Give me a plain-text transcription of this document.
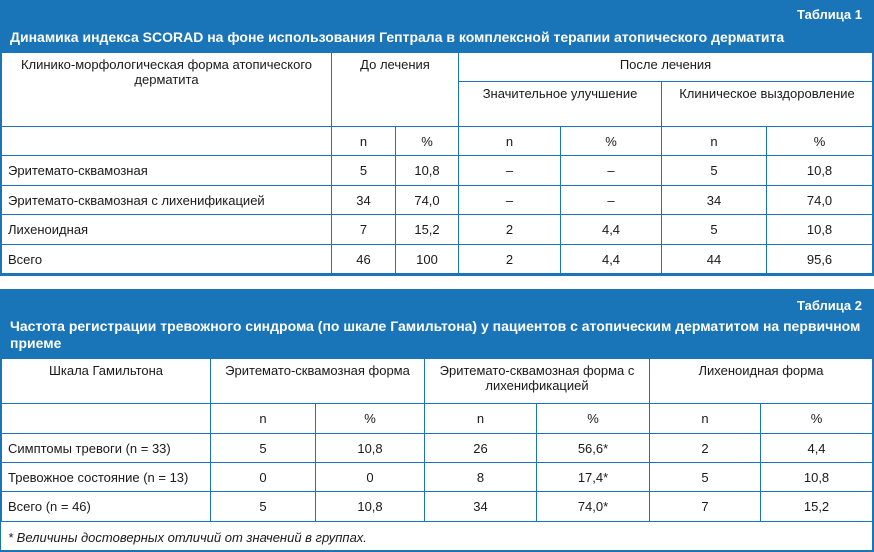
Таблица 1
Динамика индекса SCORAD на фоне использования Гептрала в комплексной терапии атопического дерматита
Клинико-морфологическая форма атопического дерматита	До лечения		После лечения			
			Значительное улучшение		Клиническое выздоровление	
	n	%	n	%	n	%
Эритемато-сквамозная	5	10,8	–	–	5	10,8
Эритемато-сквамозная с лихенификацией	34	74,0	–	–	34	74,0
Лихеноидная	7	15,2	2	4,4	5	10,8
Всего	46	100	2	4,4	44	95,6
Таблица 2
Частота регистрации тревожного синдрома (по шкале Гамильтона) у пациентов с атопическим дерматитом на первичном приеме
Шкала Гамильтона	Эритемато-сквамозная форма		Эритемато-сквамозная форма с лихенификацией		Лихеноидная форма	
	n	%	n	%	n	%
Симптомы тревоги (n = 33)	5	10,8	26	56,6*	2	4,4
Тревожное состояние (n = 13)	0	0	8	17,4*	5	10,8
Всего (n = 46)	5	10,8	34	74,0*	7	15,2
* Величины достоверных отличий от значений в группах.
